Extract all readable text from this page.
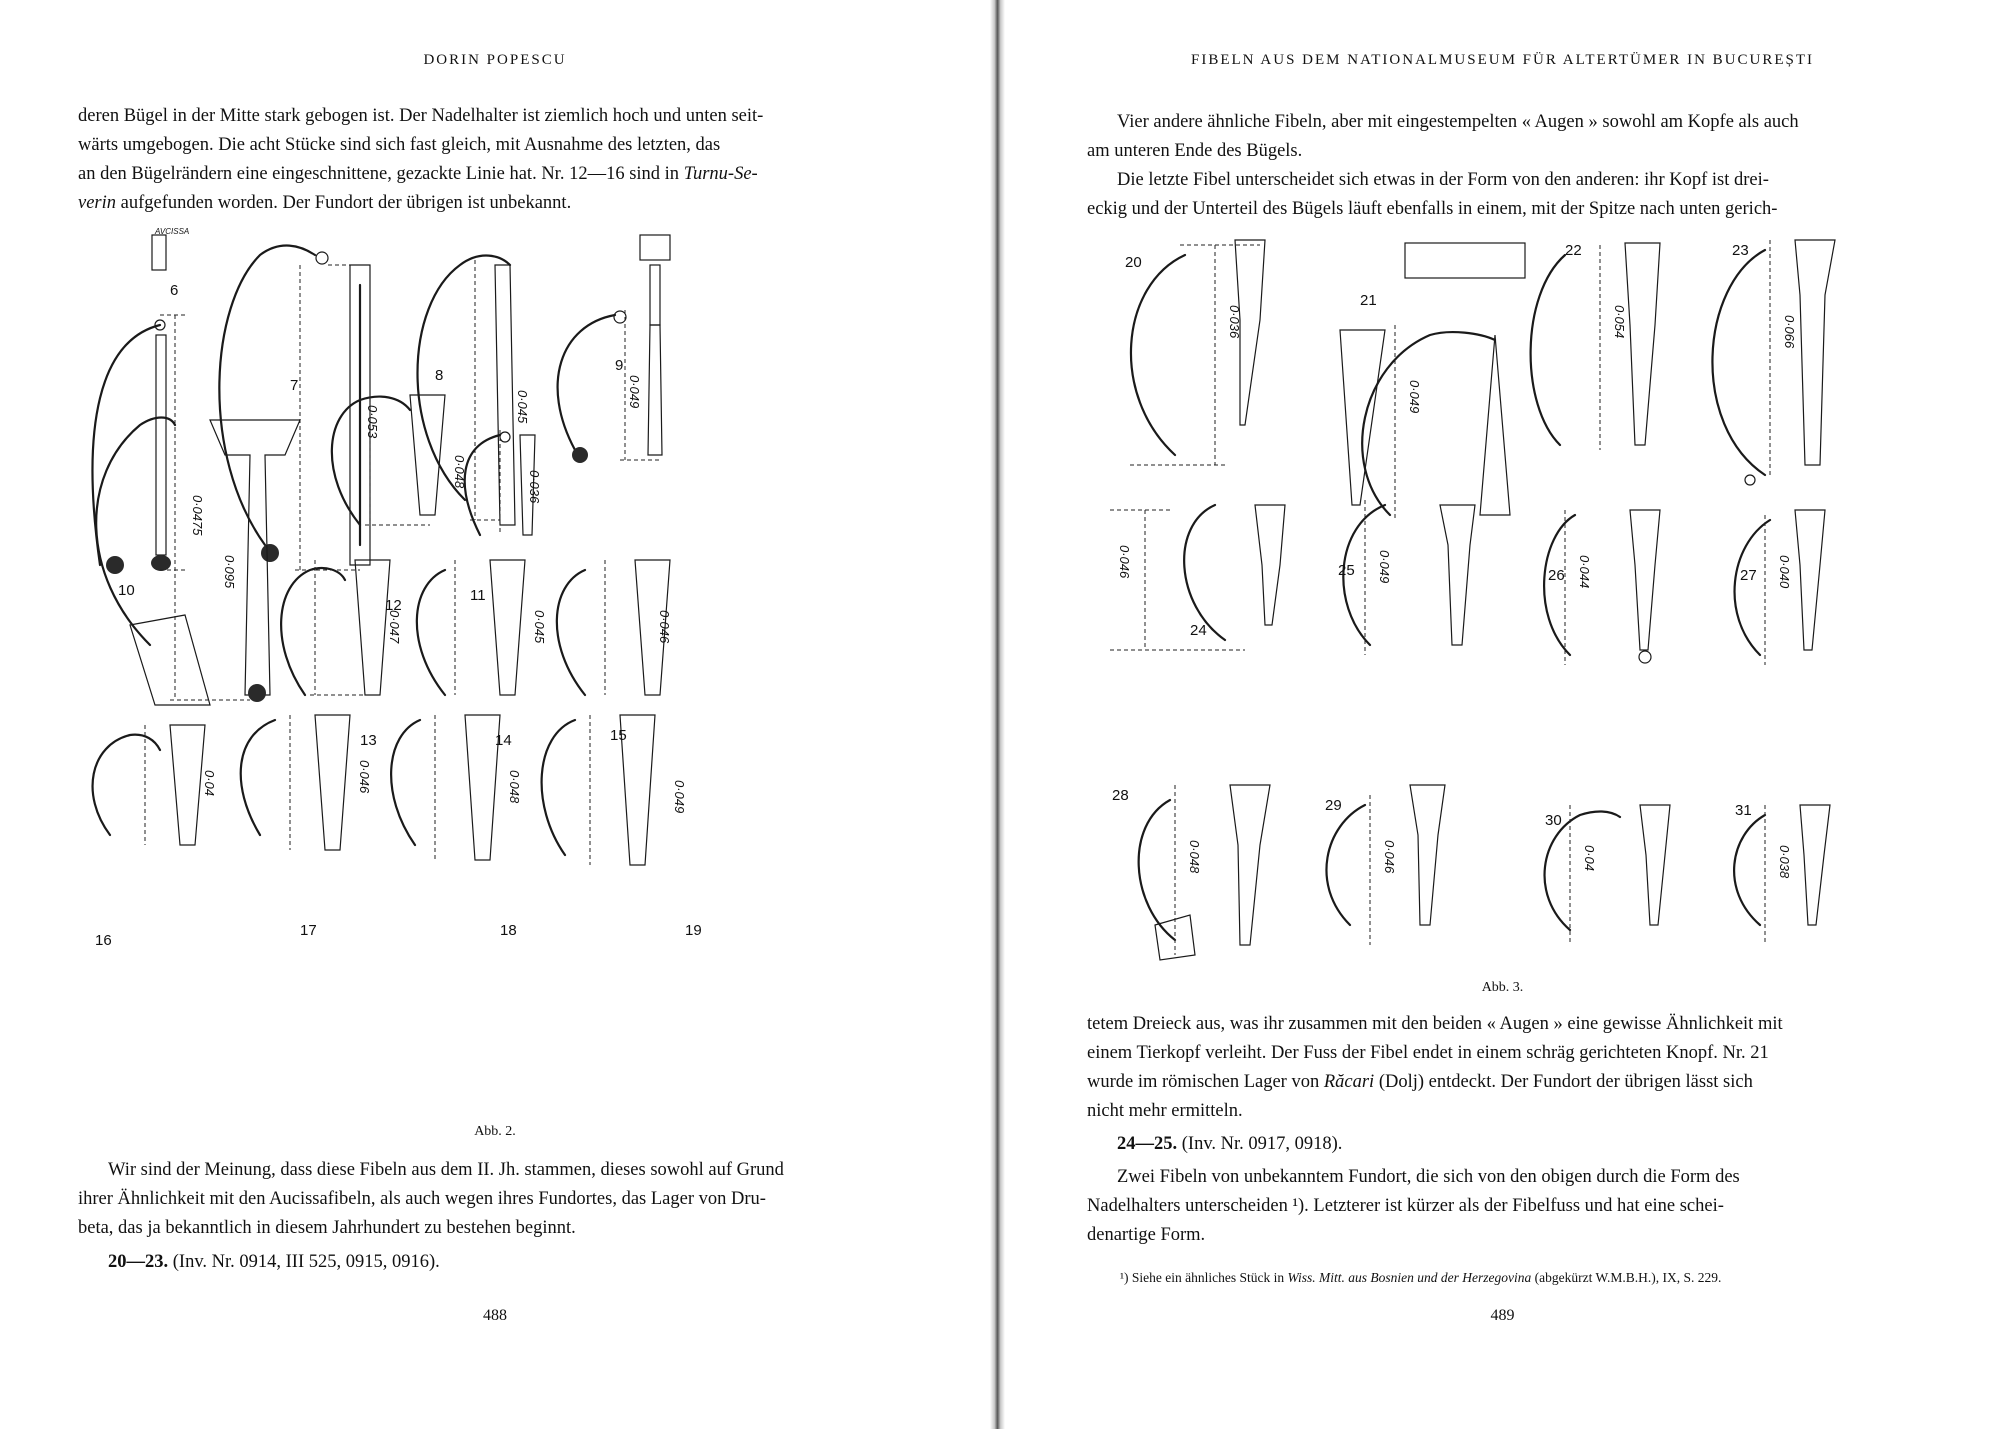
DORIN POPESCU

deren Bügel in der Mitte stark gebogen ist. Der Nadelhalter ist ziemlich hoch und unten seit-

wärts umgebogen. Die acht Stücke sind sich fast gleich, mit Ausnahme des letzten, das

an den Bügelrändern eine eingeschnittene, gezackte Linie hat. Nr. 12—16 sind in Turnu-Se-

verin aufgefunden worden. Der Fundort der übrigen ist unbekannt.

6
7
8
9
10	11
12
13	14	15
16
17	18	19
0·0475
0·053	0·045	0·049
0·095
0·048	0·036
0·047	0·045	0·046
0·04	0·046	0·048	0·049
AVCISSA
Abb. 2.

Wir sind der Meinung, dass diese Fibeln aus dem II. Jh. stammen, dieses sowohl auf Grund

ihrer Ähnlichkeit mit den Aucissafibeln, als auch wegen ihres Fundortes, das Lager von Dru-

beta, das ja bekanntlich in diesem Jahrhundert zu bestehen beginnt.

20—23. (Inv. Nr. 0914, III 525, 0915, 0916).
488
FIBELN AUS DEM NATIONALMUSEUM FÜR ALTERTÜMER IN BUCUREȘTI

Vier andere ähnliche Fibeln, aber mit eingestempelten « Augen » sowohl am Kopfe als auch

am unteren Ende des Bügels.

Die letzte Fibel unterscheidet sich etwas in der Form von den anderen: ihr Kopf ist drei-

eckig und der Unterteil des Bügels läuft ebenfalls in einem, mit der Spitze nach unten gerich-

20
21
22	23
24
25	26	27
28
29
30
31
0·036
0·049
0·054	0·066
0·046	0·049	0·044	0·040
0·048	0·046	0·04	0·038
Abb. 3.

tetem Dreieck aus, was ihr zusammen mit den beiden « Augen » eine gewisse Ähnlichkeit mit

einem Tierkopf verleiht. Der Fuss der Fibel endet in einem schräg gerichteten Knopf. Nr. 21

wurde im römischen Lager von Răcari (Dolj) entdeckt. Der Fundort der übrigen lässt sich

nicht mehr ermitteln.

24—25. (Inv. Nr. 0917, 0918).

Zwei Fibeln von unbekanntem Fundort, die sich von den obigen durch die Form des

Nadelhalters unterscheiden ¹). Letzterer ist kürzer als der Fibelfuss und hat eine schei-

denartige Form.

¹) Siehe ein ähnliches Stück in Wiss. Mitt. aus Bosnien und der Herzegovina (abgekürzt W.M.B.H.), IX, S. 229.
489
